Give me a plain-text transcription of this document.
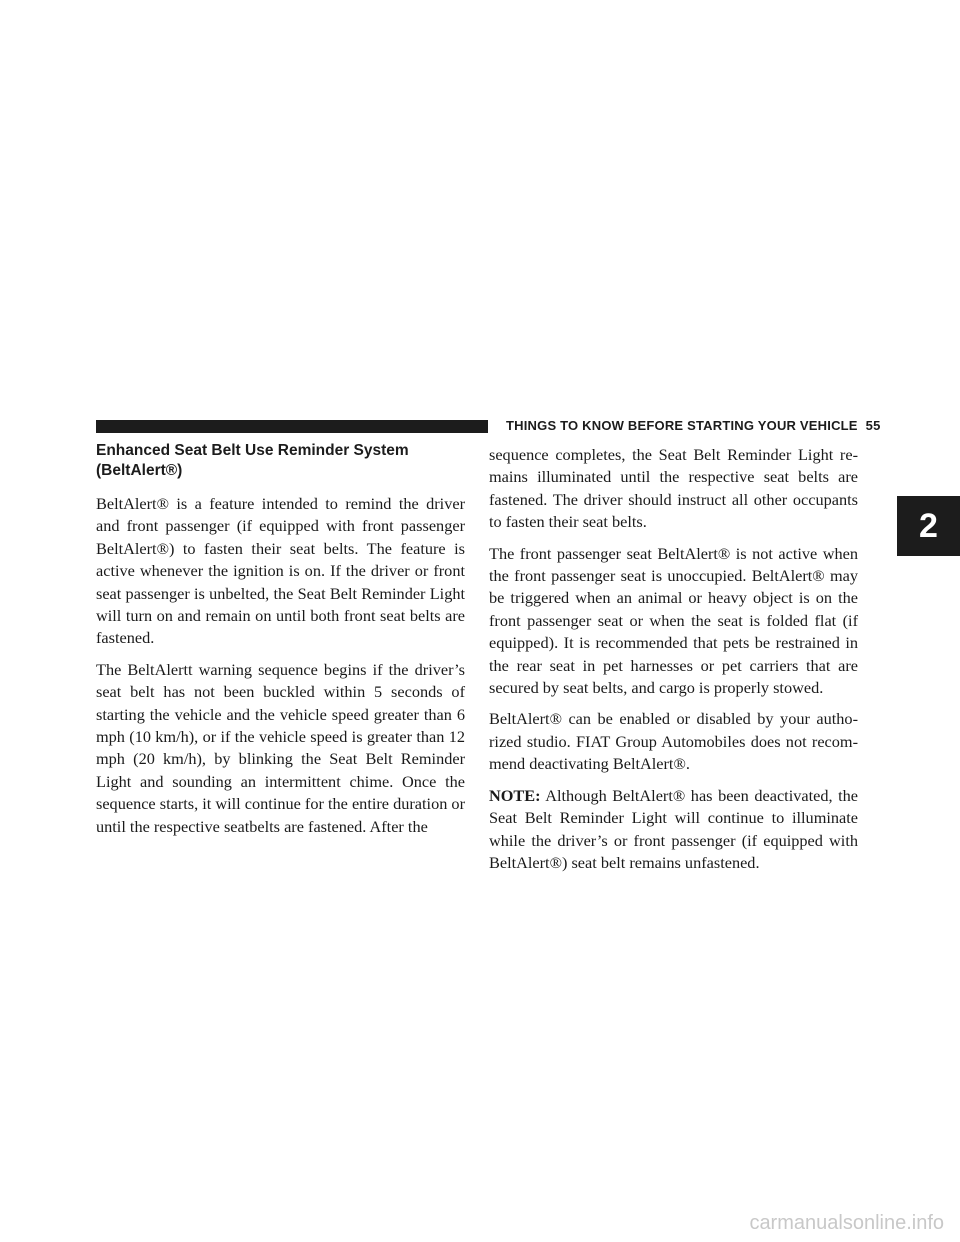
THINGS TO KNOW BEFORE STARTING YOUR VEHICLE 55
2
Enhanced Seat Belt Use Reminder System
(BeltAlert®)

BeltAlert® is a feature intended to remind the driver and front passenger (if equipped with front passenger BeltAlert®) to fasten their seat belts. The feature is active whenever the ignition is on. If the driver or front seat passenger is unbelted, the Seat Belt Reminder Light will turn on and remain on until both front seat belts are fastened.

The BeltAlertt warning sequence begins if the driver’s seat belt has not been buckled within 5 seconds of starting the vehicle and the vehicle speed greater than 6 mph (10 km/h), or if the vehicle speed is greater than 12 mph (20 km/h), by blinking the Seat Belt Reminder Light and sounding an intermittent chime. Once the sequence starts, it will continue for the entire duration or until the respective seatbelts are fastened. After the

sequence completes, the Seat Belt Reminder Light re-mains illuminated until the respective seat belts are fastened. The driver should instruct all other occupants to fasten their seat belts.

The front passenger seat BeltAlert® is not active when the front passenger seat is unoccupied. BeltAlert® may be triggered when an animal or heavy object is on the front passenger seat or when the seat is folded flat (if equipped). It is recommended that pets be restrained in the rear seat in pet harnesses or pet carriers that are secured by seat belts, and cargo is properly stowed.

BeltAlert® can be enabled or disabled by your autho-rized studio. FIAT Group Automobiles does not recom-mend deactivating BeltAlert®.

NOTE: Although BeltAlert® has been deactivated, the Seat Belt Reminder Light will continue to illuminate while the driver’s or front passenger (if equipped with BeltAlert®) seat belt remains unfastened.

carmanualsonline.info
